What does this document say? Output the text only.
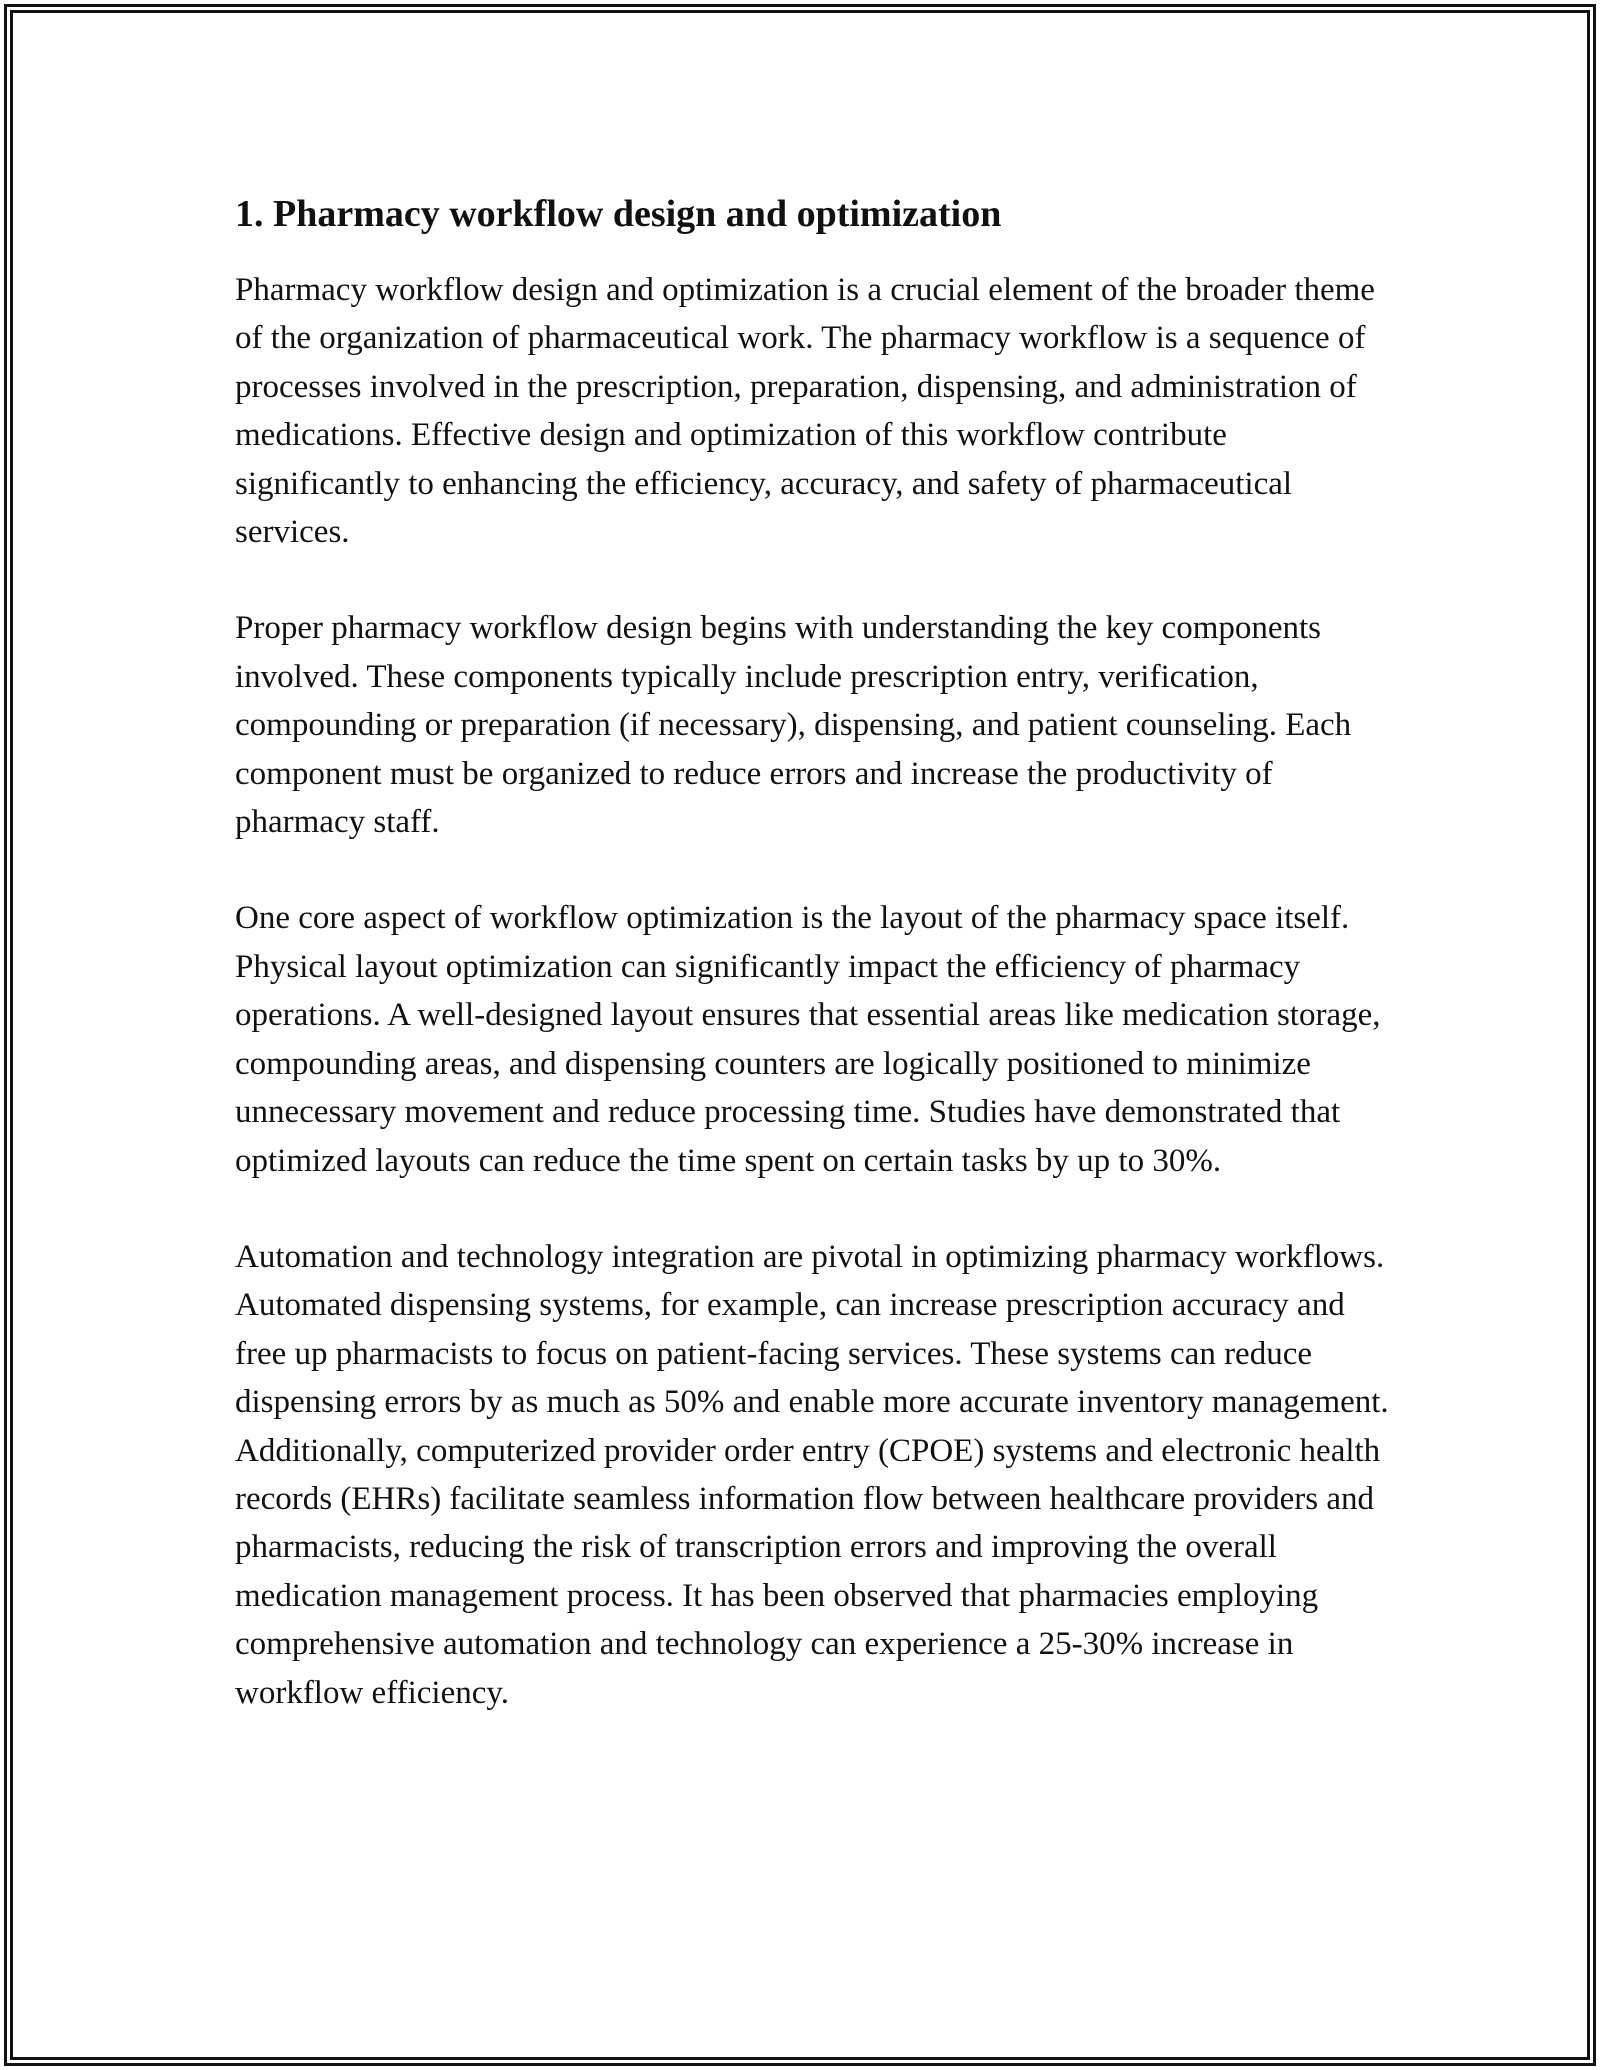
1. Pharmacy workflow design and optimization

Pharmacy workflow design and optimization is a crucial element of the broader theme of the organization of pharmaceutical work. The pharmacy workflow is a sequence of processes involved in the prescription, preparation, dispensing, and administration of medications. Effective design and optimization of this workflow contribute significantly to enhancing the efficiency, accuracy, and safety of pharmaceutical services.

Proper pharmacy workflow design begins with understanding the key components involved. These components typically include prescription entry, verification, compounding or preparation (if necessary), dispensing, and patient counseling. Each component must be organized to reduce errors and increase the productivity of pharmacy staff.

One core aspect of workflow optimization is the layout of the pharmacy space itself. Physical layout optimization can significantly impact the efficiency of pharmacy operations. A well-designed layout ensures that essential areas like medication storage, compounding areas, and dispensing counters are logically positioned to minimize unnecessary movement and reduce processing time. Studies have demonstrated that optimized layouts can reduce the time spent on certain tasks by up to 30%.

Automation and technology integration are pivotal in optimizing pharmacy workflows. Automated dispensing systems, for example, can increase prescription accuracy and free up pharmacists to focus on patient-facing services. These systems can reduce dispensing errors by as much as 50% and enable more accurate inventory management. Additionally, computerized provider order entry (CPOE) systems and electronic health records (EHRs) facilitate seamless information flow between healthcare providers and pharmacists, reducing the risk of transcription errors and improving the overall medication management process. It has been observed that pharmacies employing comprehensive automation and technology can experience a 25-30% increase in workflow efficiency.
